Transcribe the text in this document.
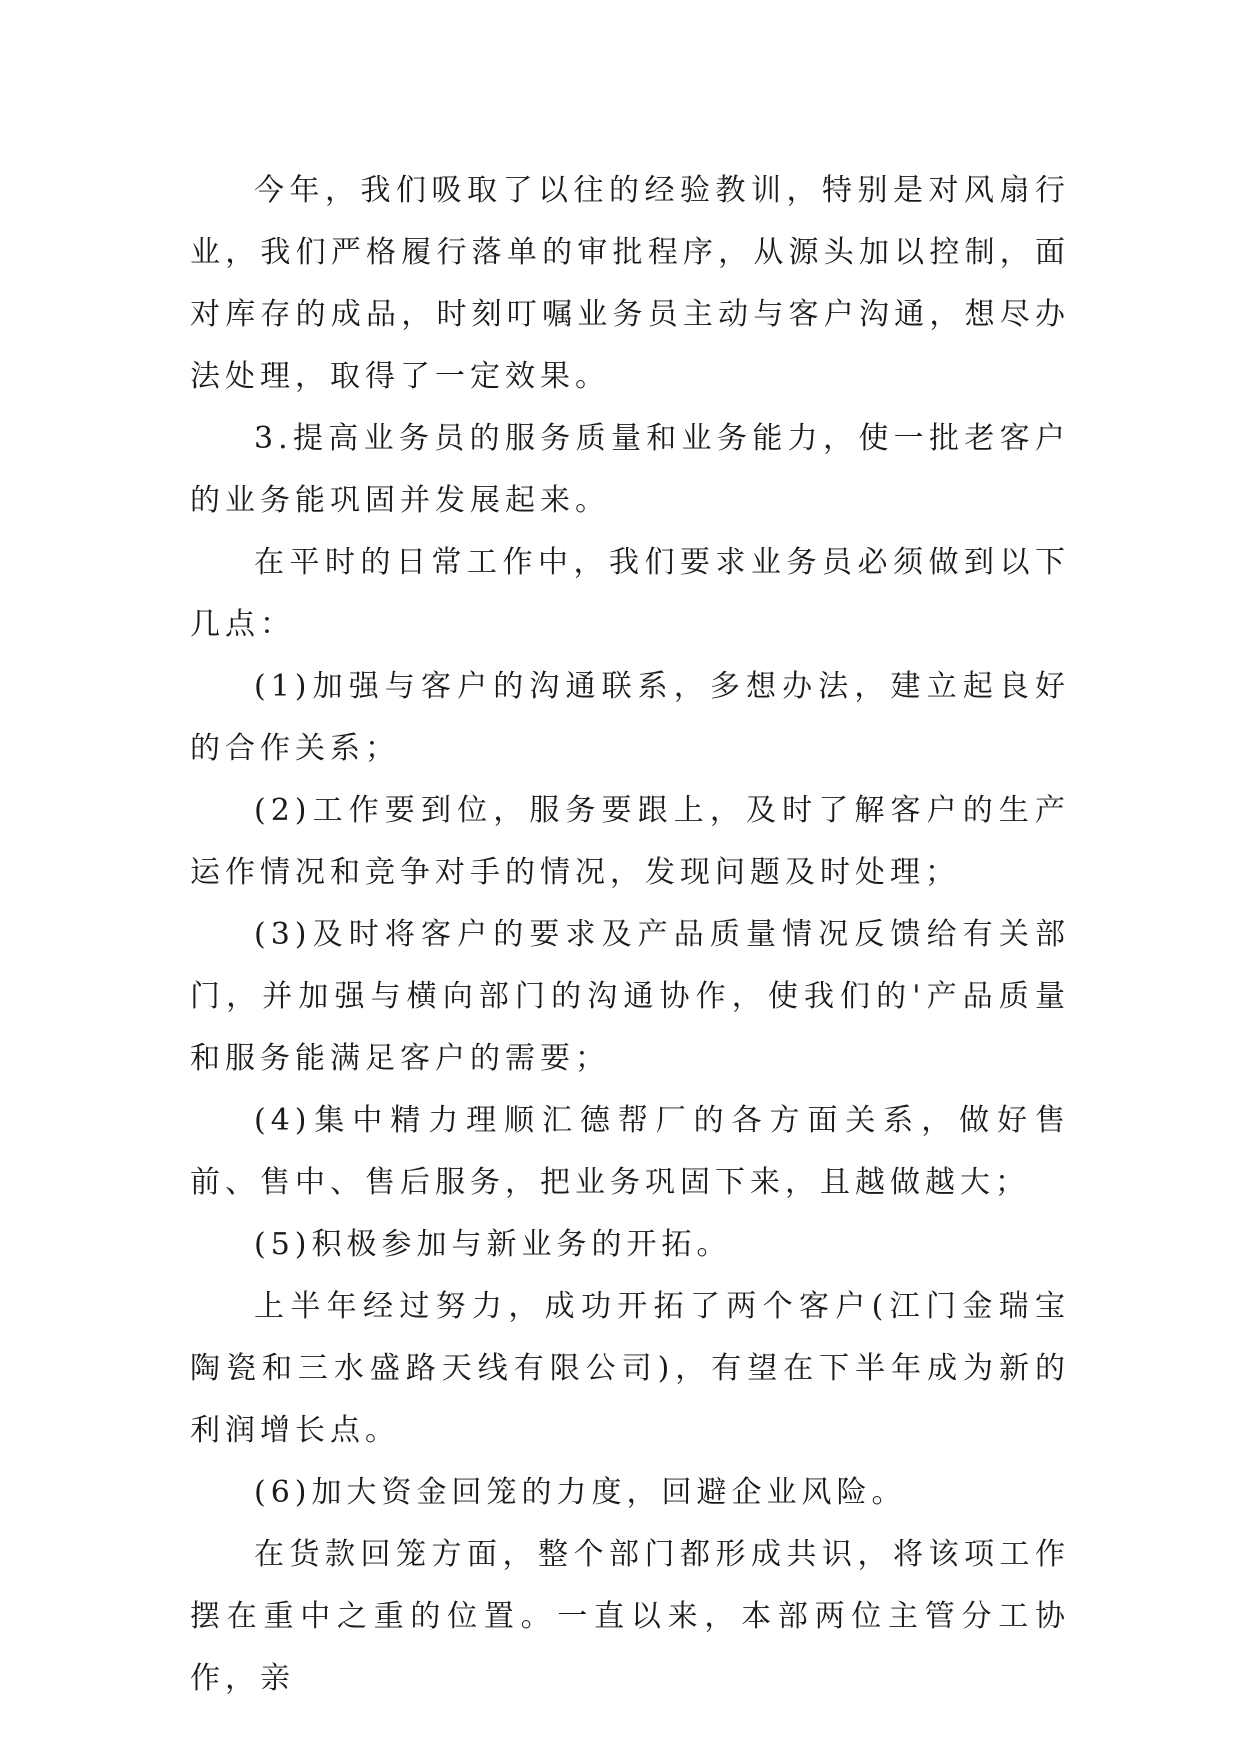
今年，我们吸取了以往的经验教训，特别是对风扇行业，我们严格履行落单的审批程序，从源头加以控制，面对库存的成品，时刻叮嘱业务员主动与客户沟通，想尽办法处理，取得了一定效果。

3.提高业务员的服务质量和业务能力，使一批老客户的业务能巩固并发展起来。

在平时的日常工作中，我们要求业务员必须做到以下几点：

(1)加强与客户的沟通联系，多想办法，建立起良好的合作关系；

(2)工作要到位，服务要跟上，及时了解客户的生产运作情况和竞争对手的情况，发现问题及时处理；

(3)及时将客户的要求及产品质量情况反馈给有关部门，并加强与横向部门的沟通协作，使我们的'产品质量和服务能满足客户的需要；

(4)集中精力理顺汇德帮厂的各方面关系，做好售前、售中、售后服务，把业务巩固下来，且越做越大；

(5)积极参加与新业务的开拓。

上半年经过努力，成功开拓了两个客户(江门金瑞宝陶瓷和三水盛路天线有限公司)，有望在下半年成为新的利润增长点。

(6)加大资金回笼的力度，回避企业风险。

在货款回笼方面，整个部门都形成共识，将该项工作摆在重中之重的位置。一直以来，本部两位主管分工协作，亲
